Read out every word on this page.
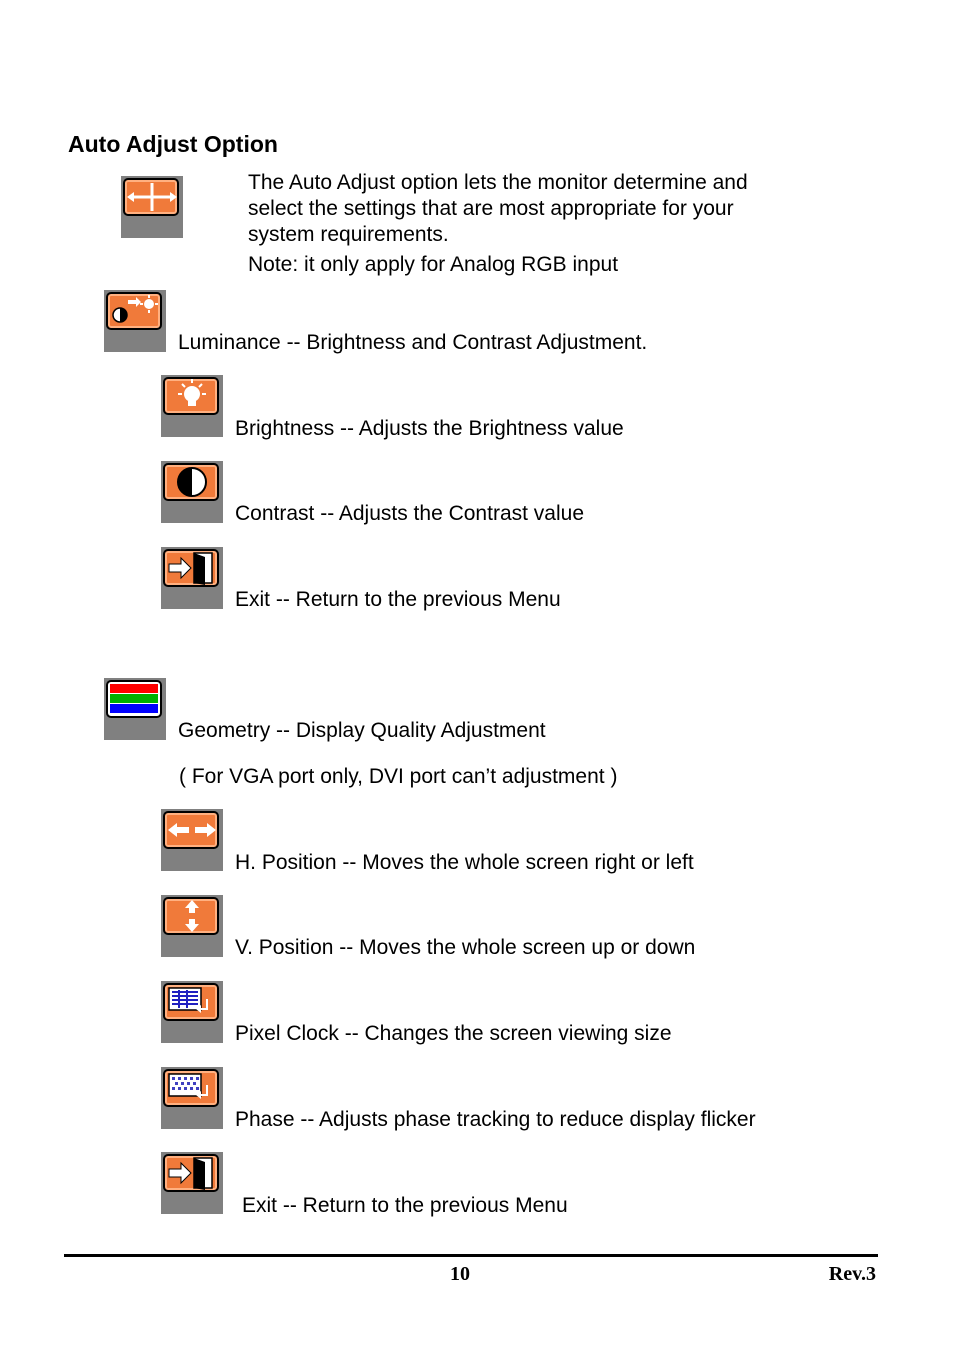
Auto Adjust Option
The Auto Adjust option lets the monitor determine and
select the settings that are most appropriate for your
system requirements.
Note: it only apply for Analog RGB input
Luminance -- Brightness and Contrast Adjustment.
Brightness -- Adjusts the Brightness value
Contrast -- Adjusts the Contrast value
Exit -- Return to the previous Menu
Geometry -- Display Quality Adjustment
( For VGA port only, DVI port can’t adjustment )
H. Position -- Moves the whole screen right or left
V. Position -- Moves the whole screen up or down
Pixel Clock -- Changes the screen viewing size
Phase -- Adjusts phase tracking to reduce display flicker
Exit -- Return to the previous Menu
10	Rev.3
